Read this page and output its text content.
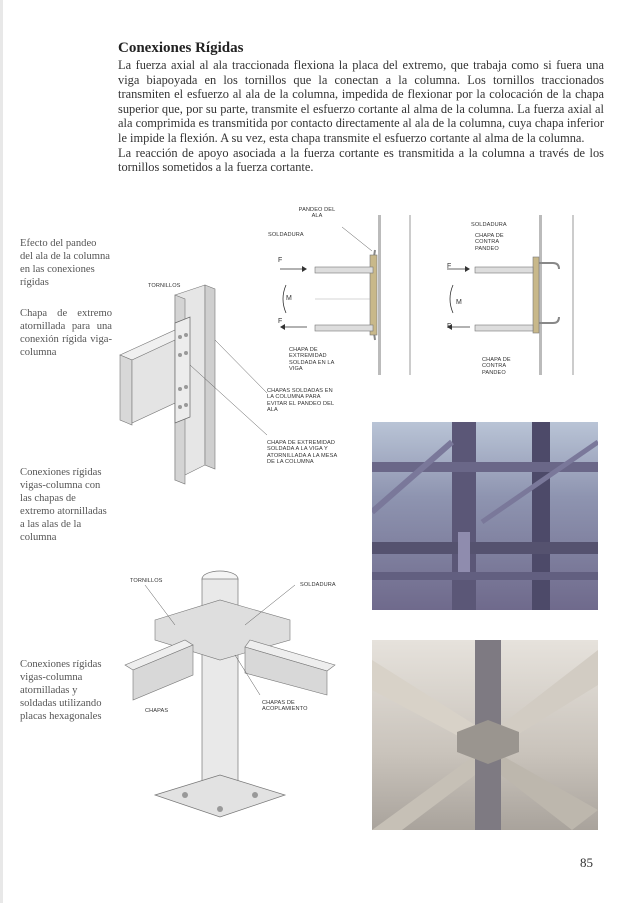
Conexiones Rígidas

La fuerza axial al ala traccionada flexiona la placa del extremo, que trabaja como si fuera una viga biapoyada en los tornillos que la conectan a la columna. Los tornillos traccionados transmiten el esfuerzo al ala de la columna, impedida de flexionar por la colocación de la chapa superior que, por su parte, transmite el esfuerzo cortante al alma de la columna. La fuerza axial al ala comprimida es transmitida por contacto directamente al ala de la columna, cuya chapa inferior le impide la flexión. A su vez, esta chapa transmite el esfuerzo cortante al alma de la columna.

La reacción de apoyo asociada a la fuerza cortante es transmitida a la columna a través de los tornillos sometidos a la fuerza cortante.

Efecto del pandeo del ala de la columna en las conexiones rígidas
Chapa de extremo atornillada para una conexión rígida viga-columna
Conexiones rígidas vigas-columna con las chapas de extremo atornilladas a las alas de la columna
Conexiones rígidas vigas-columna atornilladas y soldadas utilizando placas hexagonales
PANDEO DEL ALA
SOLDADURA
F
M
F
CHAPA DE EXTREMIDAD SOLDADA EN LA VIGA
SOLDADURA
CHAPA DE CONTRA PANDEO
F
M
F
CHAPA DE CONTRA PANDEO
TORNILLOS
CHAPAS SOLDADAS EN LA COLUMNA PARA EVITAR EL PANDEO DEL ALA
CHAPA DE EXTREMIDAD SOLDADA A LA VIGA Y ATORNILLADA A LA MESA DE LA COLUMNA
TORNILLOS
SOLDADURA
CHAPAS
CHAPAS DE ACOPLAMIENTO
85
